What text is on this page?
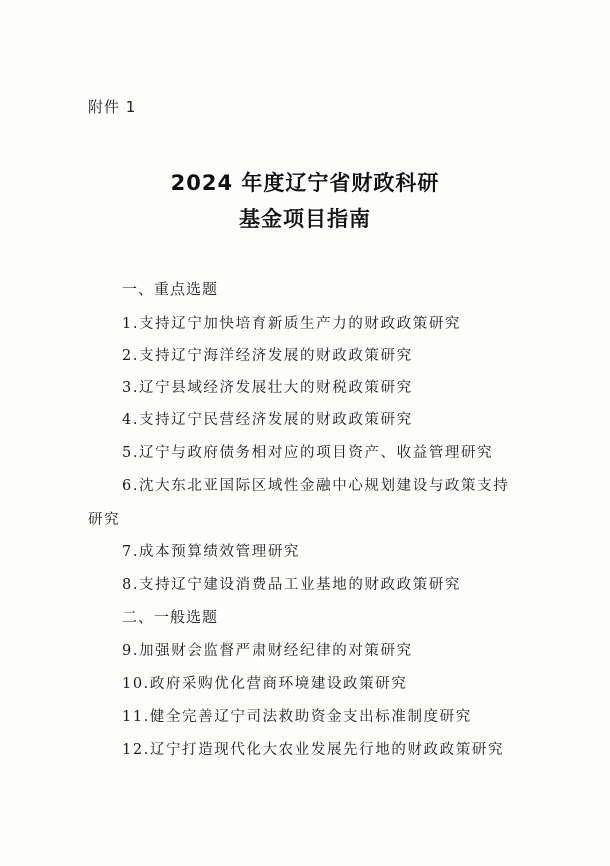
附件 1
2024 年度辽宁省财政科研
基金项目指南
一、重点选题
1.支持辽宁加快培育新质生产力的财政政策研究
2.支持辽宁海洋经济发展的财政政策研究
3.辽宁县域经济发展壮大的财税政策研究
4.支持辽宁民营经济发展的财政政策研究
5.辽宁与政府债务相对应的项目资产、收益管理研究
6.沈大东北亚国际区域性金融中心规划建设与政策支持
研究
7.成本预算绩效管理研究
8.支持辽宁建设消费品工业基地的财政政策研究
二、一般选题
9.加强财会监督严肃财经纪律的对策研究
10.政府采购优化营商环境建设政策研究
11.健全完善辽宁司法救助资金支出标准制度研究
12.辽宁打造现代化大农业发展先行地的财政政策研究
